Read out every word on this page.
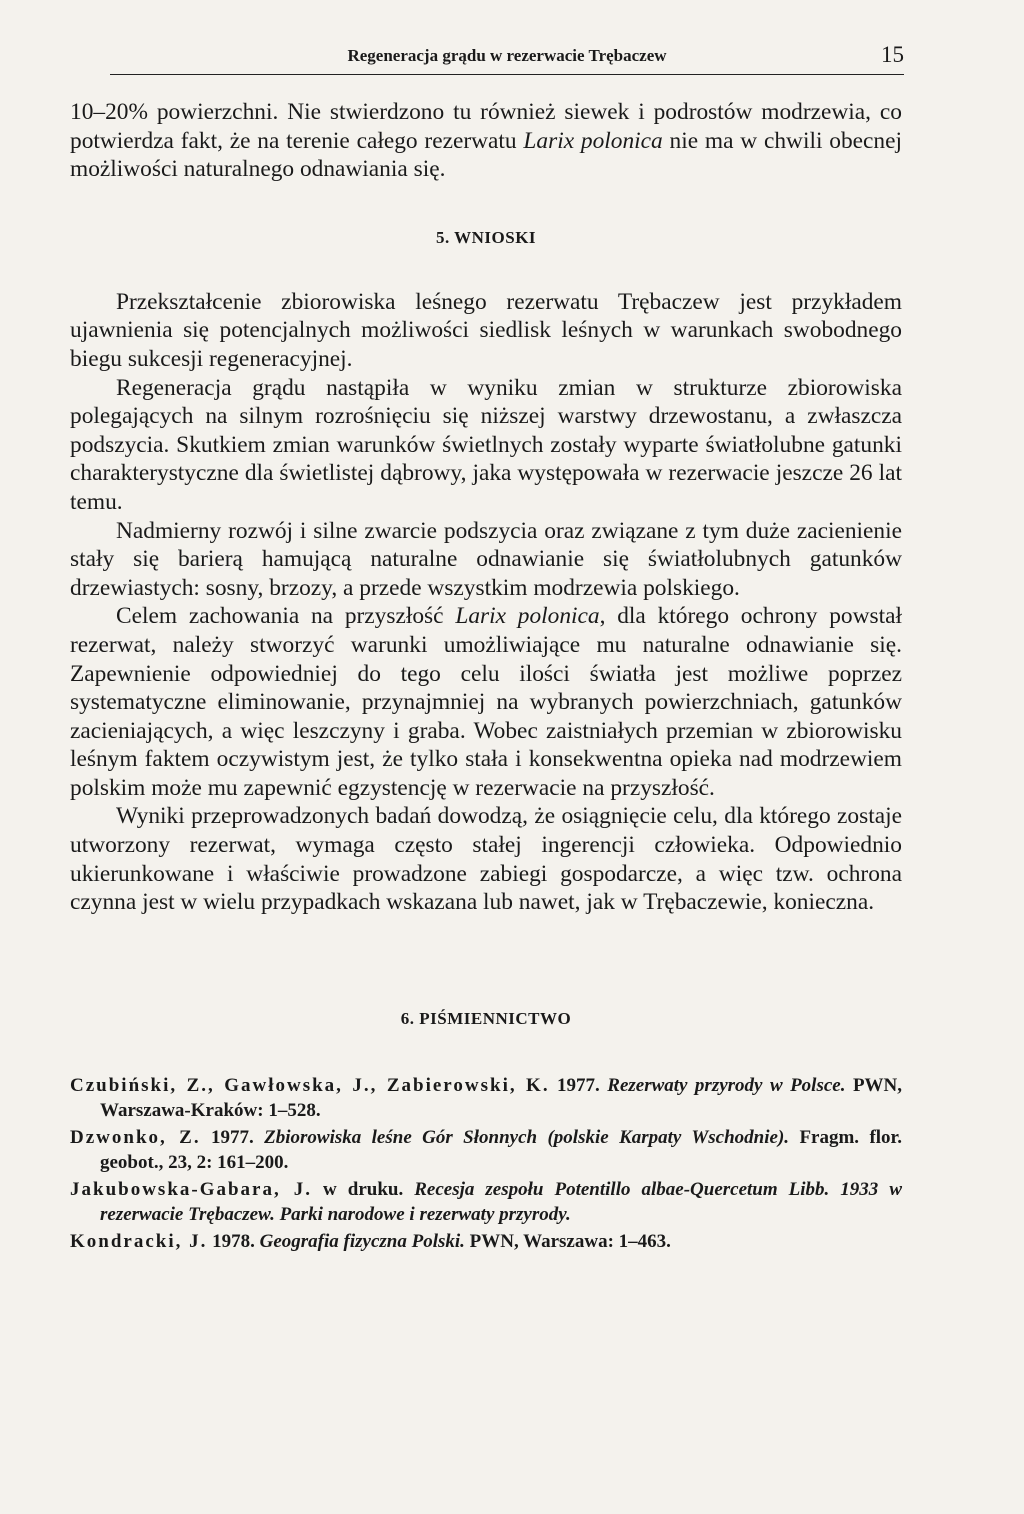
Regeneracja grądu w rezerwacie Trębaczew	15

10–20% powierzchni. Nie stwierdzono tu również siewek i podrostów modrzewia, co potwierdza fakt, że na terenie całego rezerwatu Larix polonica nie ma w chwili obecnej możliwości naturalnego odnawiania się.

5. WNIOSKI

Przekształcenie zbiorowiska leśnego rezerwatu Trębaczew jest przykładem ujawnienia się potencjalnych możliwości siedlisk leśnych w warunkach swobodnego biegu sukcesji regeneracyjnej.

Regeneracja grądu nastąpiła w wyniku zmian w strukturze zbiorowiska polegających na silnym rozrośnięciu się niższej warstwy drzewostanu, a zwłaszcza podszycia. Skutkiem zmian warunków świetlnych zostały wyparte światłolubne gatunki charakterystyczne dla świetlistej dąbrowy, jaka występowała w rezerwacie jeszcze 26 lat temu.

Nadmierny rozwój i silne zwarcie podszycia oraz związane z tym duże zacienienie stały się barierą hamującą naturalne odnawianie się światłolubnych gatunków drzewiastych: sosny, brzozy, a przede wszystkim modrzewia polskiego.

Celem zachowania na przyszłość Larix polonica, dla którego ochrony powstał rezerwat, należy stworzyć warunki umożliwiające mu naturalne odnawianie się. Zapewnienie odpowiedniej do tego celu ilości światła jest możliwe poprzez systematyczne eliminowanie, przynajmniej na wybranych powierzchniach, gatunków zacieniających, a więc leszczyny i graba. Wobec zaistniałych przemian w zbiorowisku leśnym faktem oczywistym jest, że tylko stała i konsekwentna opieka nad modrzewiem polskim może mu zapewnić egzystencję w rezerwacie na przyszłość.

Wyniki przeprowadzonych badań dowodzą, że osiągnięcie celu, dla którego zostaje utworzony rezerwat, wymaga często stałej ingerencji człowieka. Odpowiednio ukierunkowane i właściwie prowadzone zabiegi gospodarcze, a więc tzw. ochrona czynna jest w wielu przypadkach wskazana lub nawet, jak w Trębaczewie, konieczna.

6. PIŚMIENNICTWO

Czubiński, Z., Gawłowska, J., Zabierowski, K. 1977. Rezerwaty przyrody w Polsce. PWN, Warszawa-Kraków: 1–528.

Dzwonko, Z. 1977. Zbiorowiska leśne Gór Słonnych (polskie Karpaty Wschodnie). Fragm. flor. geobot., 23, 2: 161–200.

Jakubowska-Gabara, J. w druku. Recesja zespołu Potentillo albae-Quercetum Libb. 1933 w rezerwacie Trębaczew. Parki narodowe i rezerwaty przyrody.

Kondracki, J. 1978. Geografia fizyczna Polski. PWN, Warszawa: 1–463.
